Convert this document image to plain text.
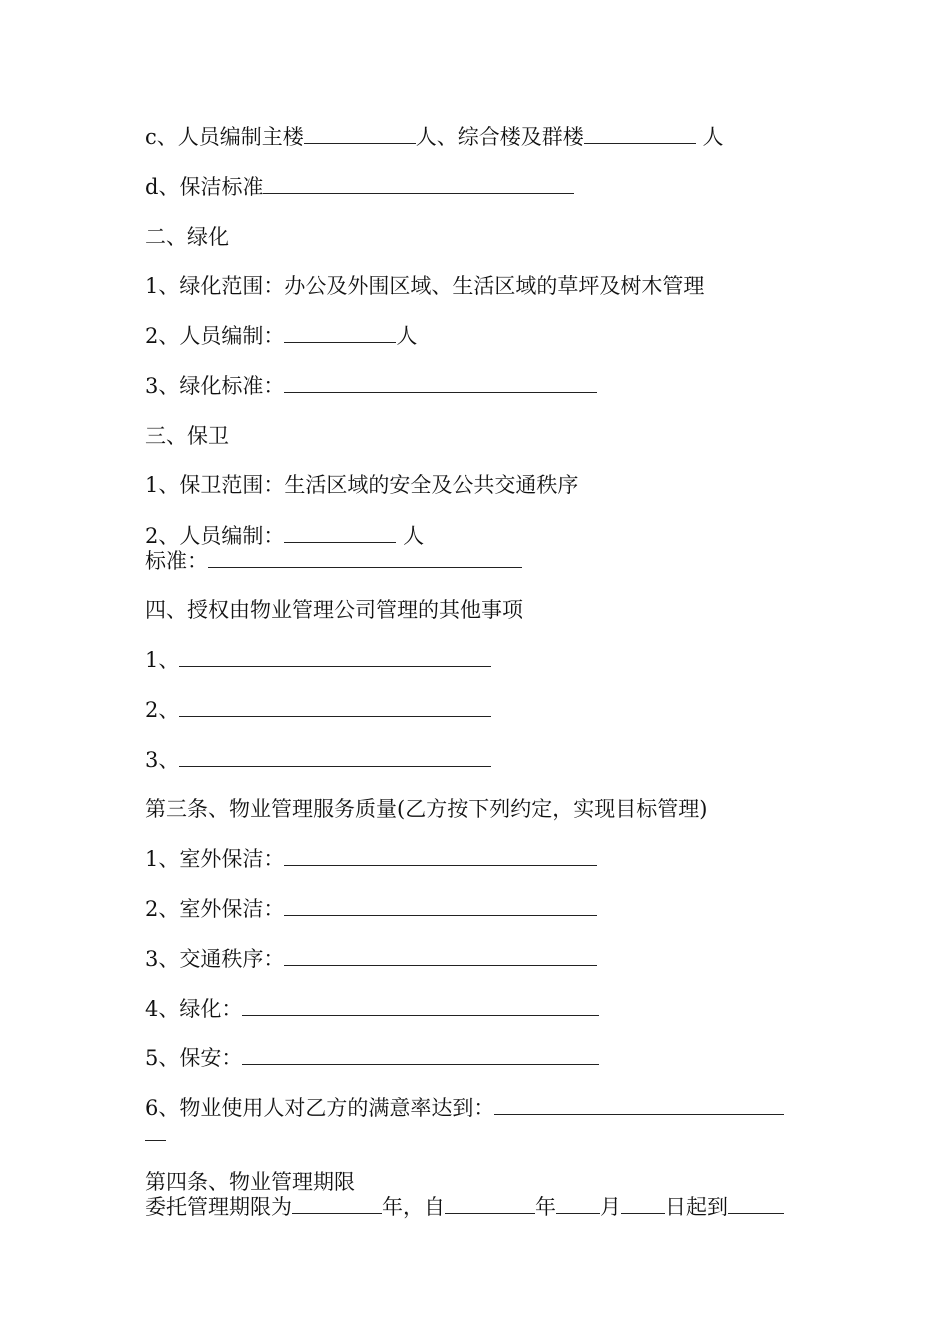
c、人员编制主楼	人、综合楼及群楼	人
d、保洁标准
二、绿化
1、绿化范围：办公及外围区域、生活区域的草坪及树木管理
2、人员编制：	人
3、绿化标准：
三、保卫
1、保卫范围：生活区域的安全及公共交通秩序
2、人员编制：	人
标准：
四、授权由物业管理公司管理的其他事项
1、
2、
3、
第三条、物业管理服务质量(乙方按下列约定，实现目标管理)
1、室外保洁：
2、室外保洁：
3、交通秩序：
4、绿化：
5、保安：
6、物业使用人对乙方的满意率达到：
第四条、物业管理期限
委托管理期限为	年，自	年 月 日起到
